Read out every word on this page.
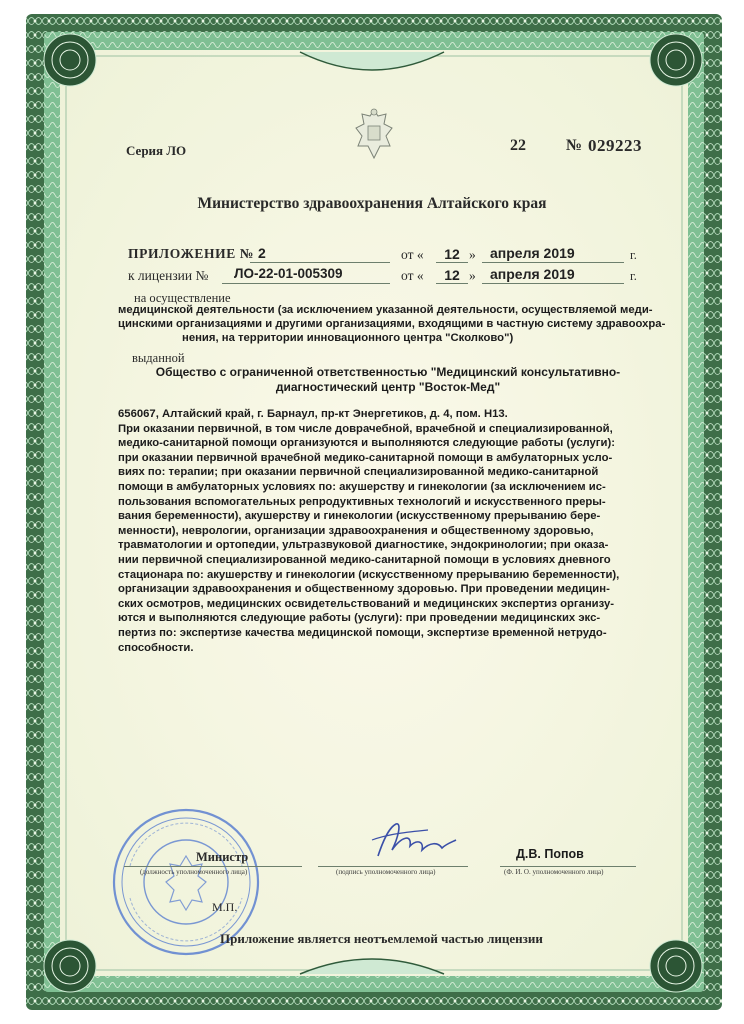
Серия ЛО	22	№ 029223
Министерство здравоохранения Алтайского края
ПРИЛОЖЕНИЕ № 2	от «	12 » апреля 2019	г.
к лицензии № ЛО-22-01-005309	от «	12 » апреля 2019	г.
на осуществление
медицинской деятельности (за исключением указанной деятельности, осуществляемой меди-
цинскими организациями и другими организациями, входящими в частную систему здравоохра-
нения, на территории инновационного центра "Сколково")
выданной
Общество с ограниченной ответственностью "Медицинский консультативно-
диагностический центр "Восток-Мед"
656067, Алтайский край, г. Барнаул, пр-кт Энергетиков, д. 4, пом. Н13.
При оказании первичной, в том числе доврачебной, врачебной и специализированной,
медико-санитарной помощи организуются и выполняются следующие работы (услуги):
при оказании первичной врачебной медико-санитарной помощи в амбулаторных усло-
виях по: терапии; при оказании первичной специализированной медико-санитарной
помощи в амбулаторных условиях по: акушерству и гинекологии (за исключением ис-
пользования вспомогательных репродуктивных технологий и искусственного преры-
вания беременности), акушерству и гинекологии (искусственному прерыванию бере-
менности), неврологии, организации здравоохранения и общественному здоровью,
травматологии и ортопедии, ультразвуковой диагностике, эндокринологии; при оказа-
нии первичной специализированной медико-санитарной помощи в условиях дневного
стационара по: акушерству и гинекологии (искусственному прерыванию беременности),
организации здравоохранения и общественному здоровью. При проведении медицин-
ских осмотров, медицинских освидетельствований и медицинских экспертиз организу-
ются и выполняются следующие работы (услуги): при проведении медицинских экс-
пертиз по: экспертизе качества медицинской помощи, экспертизе временной нетрудо-
способности.
Министр
(должность уполномоченного лица)	(подпись уполномоченного лица)
Д.В. Попов
(Ф. И. О. уполномоченного лица)
М.П.
Приложение является неотъемлемой частью лицензии
